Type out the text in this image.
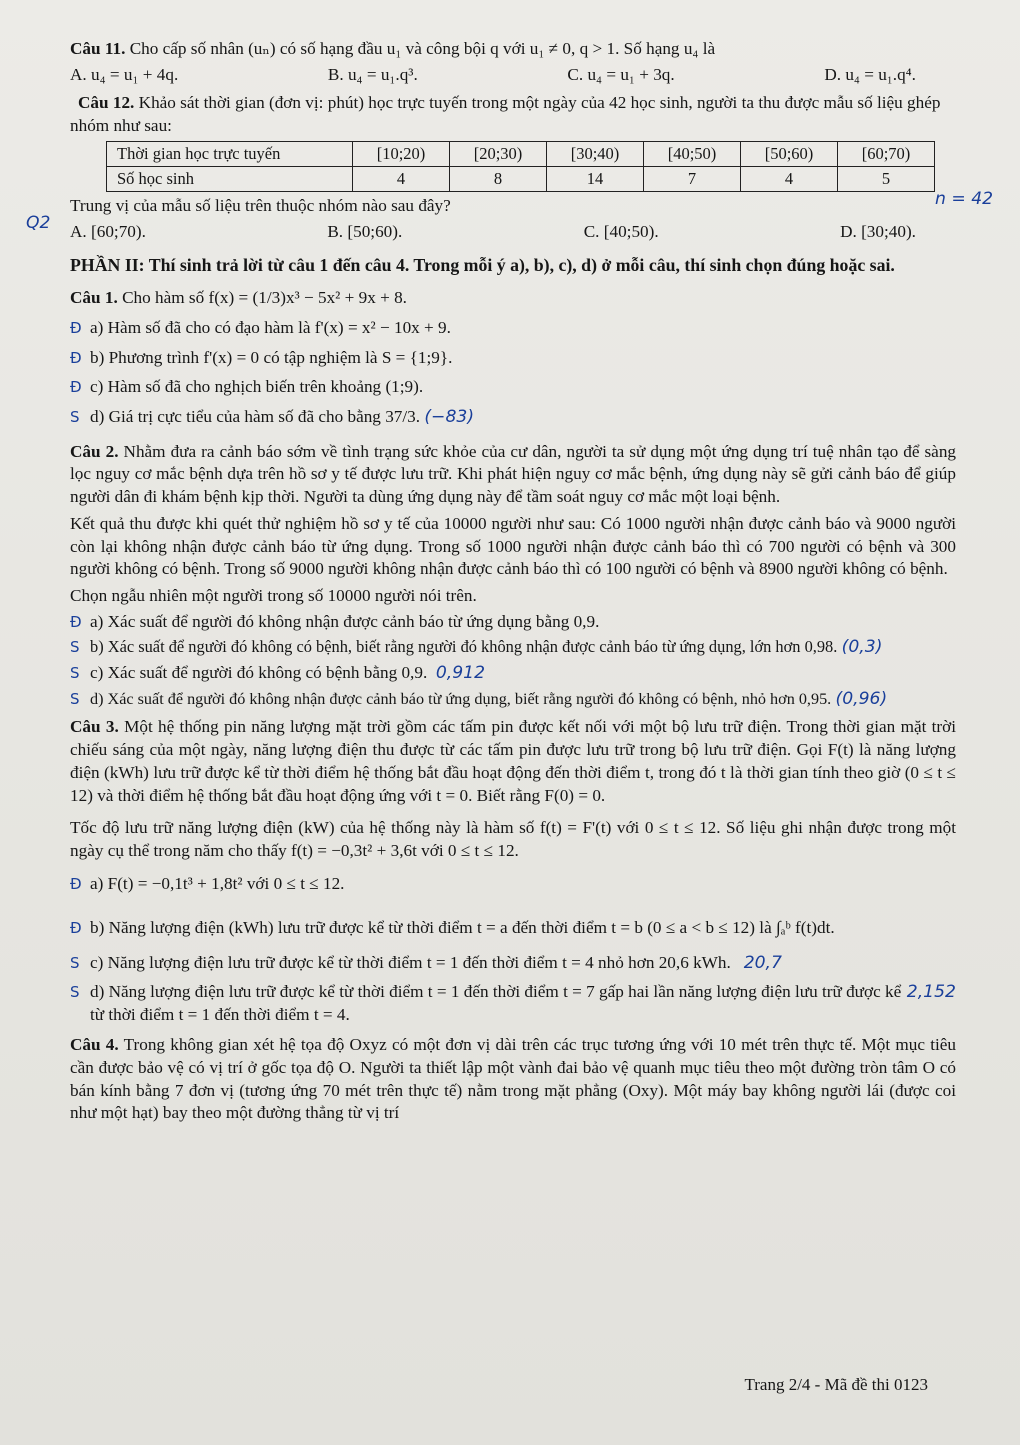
Câu 11. Cho cấp số nhân (uₙ) có số hạng đầu u₁ và công bội q với u₁ ≠ 0, q > 1. Số hạng u₄ là

A. u₄ = u₁ + 4q.	B. u₄ = u₁.q³.	C. u₄ = u₁ + 3q.	D. u₄ = u₁.q⁴.

Câu 12. Khảo sát thời gian (đơn vị: phút) học trực tuyến trong một ngày của 42 học sinh, người ta thu được mẫu số liệu ghép nhóm như sau:

Thời gian học trực tuyến	[10;20)	[20;30)	[30;40)	[40;50)	[50;60)	[60;70)
Số học sinh	4	8	14	7	4	5

Trung vị của mẫu số liệu trên thuộc nhóm nào sau đây?

A. [60;70).	B. [50;60).	C. [40;50).	D. [30;40).

PHẦN II: Thí sinh trả lời từ câu 1 đến câu 4. Trong mỗi ý a), b), c), d) ở mỗi câu, thí sinh chọn đúng hoặc sai.

Câu 1. Cho hàm số f(x) = (1/3)x³ − 5x² + 9x + 8.

Đ a) Hàm số đã cho có đạo hàm là f'(x) = x² − 10x + 9.
Đ b) Phương trình f'(x) = 0 có tập nghiệm là S = {1;9}.
Đ c) Hàm số đã cho nghịch biến trên khoảng (1;9).
S d) Giá trị cực tiểu của hàm số đã cho bằng 37/3.
(−83)

Câu 2. Nhằm đưa ra cảnh báo sớm về tình trạng sức khỏe của cư dân, người ta sử dụng một ứng dụng trí tuệ nhân tạo để sàng lọc nguy cơ mắc bệnh dựa trên hồ sơ y tế được lưu trữ. Khi phát hiện nguy cơ mắc bệnh, ứng dụng này sẽ gửi cảnh báo để giúp người dân đi khám bệnh kịp thời. Người ta dùng ứng dụng này để tầm soát nguy cơ mắc một loại bệnh.

Kết quả thu được khi quét thử nghiệm hồ sơ y tế của 10000 người như sau: Có 1000 người nhận được cảnh báo và 9000 người còn lại không nhận được cảnh báo từ ứng dụng. Trong số 1000 người nhận được cảnh báo thì có 700 người có bệnh và 300 người không có bệnh. Trong số 9000 người không nhận được cảnh báo thì có 100 người có bệnh và 8900 người không có bệnh.

Chọn ngẫu nhiên một người trong số 10000 người nói trên.

Đ a) Xác suất để người đó không nhận được cảnh báo từ ứng dụng bằng 0,9.
S b) Xác suất để người đó không có bệnh, biết rằng người đó không nhận được cảnh báo từ ứng dụng, lớn hơn 0,98.
(0,3)
S c) Xác suất để người đó không có bệnh bằng 0,9.
0,912
S d) Xác suất để người đó không nhận được cảnh báo từ ứng dụng, biết rằng người đó không có bệnh, nhỏ hơn 0,95.
(0,96)

Câu 3. Một hệ thống pin năng lượng mặt trời gồm các tấm pin được kết nối với một bộ lưu trữ điện. Trong thời gian mặt trời chiếu sáng của một ngày, năng lượng điện thu được từ các tấm pin được lưu trữ trong bộ lưu trữ điện. Gọi F(t) là năng lượng điện (kWh) lưu trữ được kể từ thời điểm hệ thống bắt đầu hoạt động đến thời điểm t, trong đó t là thời gian tính theo giờ (0 ≤ t ≤ 12) và thời điểm hệ thống bắt đầu hoạt động ứng với t = 0. Biết rằng F(0) = 0.

Tốc độ lưu trữ năng lượng điện (kW) của hệ thống này là hàm số f(t) = F'(t) với 0 ≤ t ≤ 12. Số liệu ghi nhận được trong một ngày cụ thể trong năm cho thấy f(t) = −0,3t² + 3,6t với 0 ≤ t ≤ 12.

Đ a) F(t) = −0,1t³ + 1,8t² với 0 ≤ t ≤ 12.
Đ b) Năng lượng điện (kWh) lưu trữ được kể từ thời điểm t = a đến thời điểm t = b (0 ≤ a < b ≤ 12) là ∫ₐᵇ f(t)dt.
S c) Năng lượng điện lưu trữ được kể từ thời điểm t = 1 đến thời điểm t = 4 nhỏ hơn 20,6 kWh.
20,7
S d) Năng lượng điện lưu trữ được kể từ thời điểm t = 1 đến thời điểm t = 7 gấp hai lần năng lượng điện lưu trữ được kể từ thời điểm t = 1 đến thời điểm t = 4.

2,152

Câu 4. Trong không gian xét hệ tọa độ Oxyz có một đơn vị dài trên các trục tương ứng với 10 mét trên thực tế. Một mục tiêu cần được bảo vệ có vị trí ở gốc tọa độ O. Người ta thiết lập một vành đai bảo vệ quanh mục tiêu theo một đường tròn tâm O có bán kính bằng 7 đơn vị (tương ứng 70 mét trên thực tế) nằm trong mặt phẳng (Oxy). Một máy bay không người lái (được coi như một hạt) bay theo một đường thẳng từ vị trí

Q2
n = 42
Trang 2/4 - Mã đề thi 0123
